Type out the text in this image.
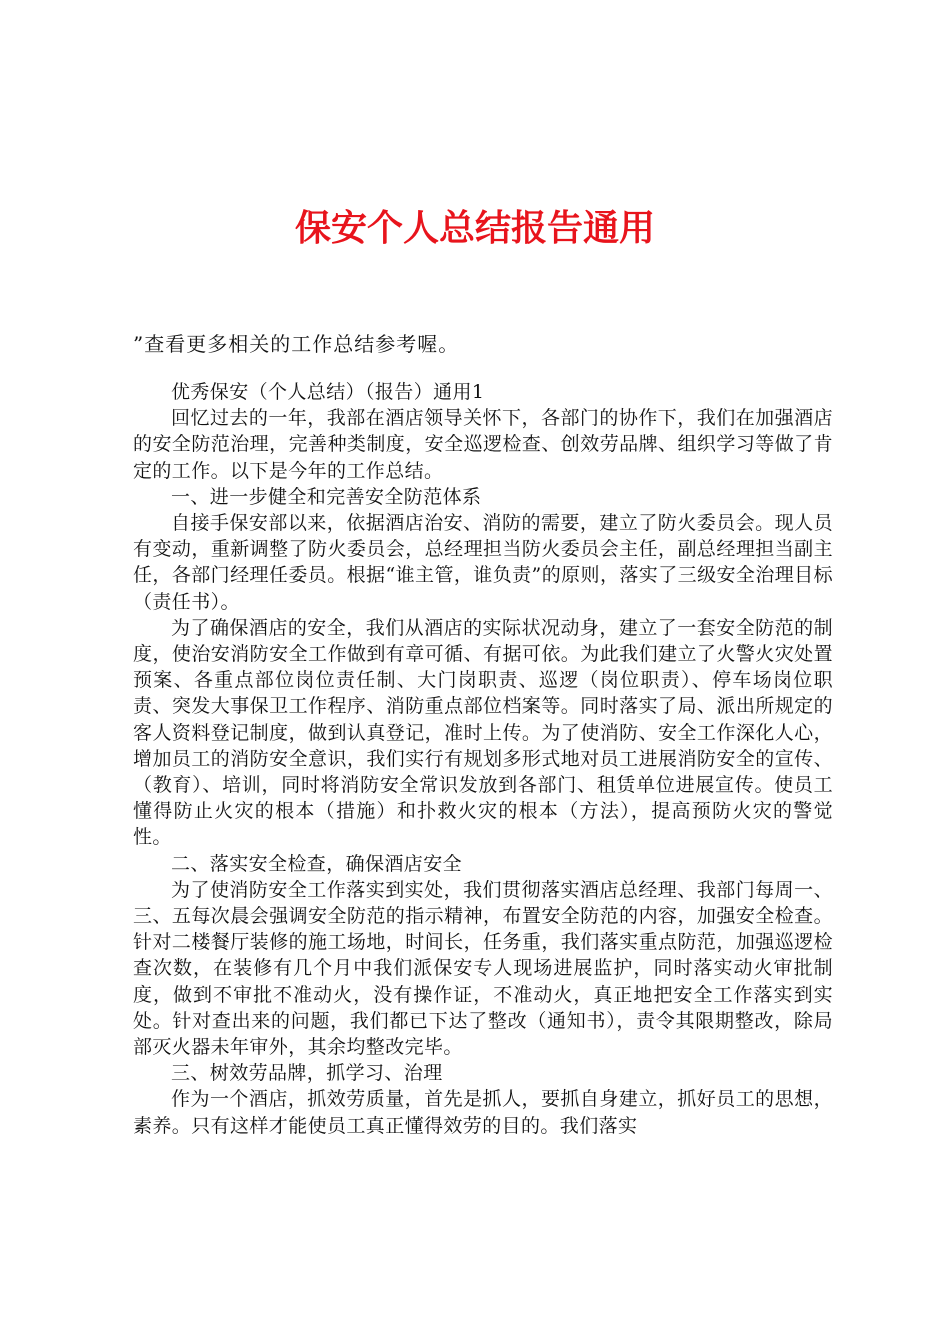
保安个人总结报告通用

”查看更多相关的工作总结参考喔。

优秀保安（个人总结）（报告）通用1

回忆过去的一年，我部在酒店领导关怀下，各部门的协作下，我们在加强酒店的安全防范治理，完善种类制度，安全巡逻检查、创效劳品牌、组织学习等做了肯定的工作。以下是今年的工作总结。

一、进一步健全和完善安全防范体系

自接手保安部以来，依据酒店治安、消防的需要，建立了防火委员会。现人员有变动，重新调整了防火委员会，总经理担当防火委员会主任，副总经理担当副主任，各部门经理任委员。根据“谁主管，谁负责”的原则，落实了三级安全治理目标（责任书）。

为了确保酒店的安全，我们从酒店的实际状况动身，建立了一套安全防范的制度，使治安消防安全工作做到有章可循、有据可依。为此我们建立了火警火灾处置预案、各重点部位岗位责任制、大门岗职责、巡逻（岗位职责）、停车场岗位职责、突发大事保卫工作程序、消防重点部位档案等。同时落实了局、派出所规定的客人资料登记制度，做到认真登记，准时上传。为了使消防、安全工作深化人心，增加员工的消防安全意识，我们实行有规划多形式地对员工进展消防安全的宣传、（教育）、培训，同时将消防安全常识发放到各部门、租赁单位进展宣传。使员工懂得防止火灾的根本（措施）和扑救火灾的根本（方法），提高预防火灾的警觉性。

二、落实安全检查，确保酒店安全

为了使消防安全工作落实到实处，我们贯彻落实酒店总经理、我部门每周一、三、五每次晨会强调安全防范的指示精神，布置安全防范的内容，加强安全检查。针对二楼餐厅装修的施工场地，时间长，任务重，我们落实重点防范，加强巡逻检查次数，在装修有几个月中我们派保安专人现场进展监护，同时落实动火审批制度，做到不审批不准动火，没有操作证，不准动火，真正地把安全工作落实到实处。针对查出来的问题，我们都已下达了整改（通知书），责令其限期整改，除局部灭火器未年审外，其余均整改完毕。

三、树效劳品牌，抓学习、治理

作为一个酒店，抓效劳质量，首先是抓人，要抓自身建立，抓好员工的思想，素养。只有这样才能使员工真正懂得效劳的目的。我们落实
